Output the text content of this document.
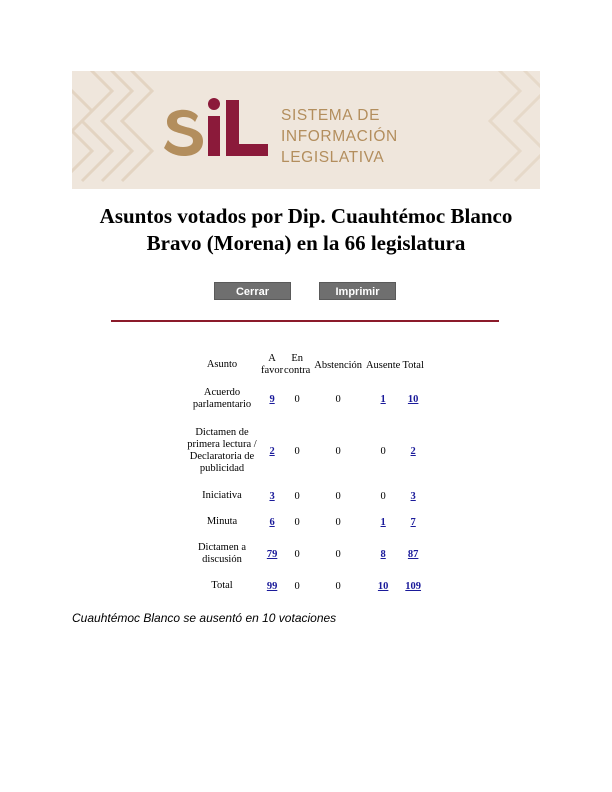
SISTEMA DE
INFORMACIÓN
LEGISLATIVA
Asuntos votados por Dip. Cuauhtémoc Blanco Bravo (Morena) en la 66 legislatura
Cerrar	Imprimir
Asunto	A favor	En contra	Abstención	Ausente	Total
Acuerdo parlamentario	9	0	0	1	10
Dictamen de primera lectura / Declaratoria de publicidad	2	0	0	0	2
Iniciativa	3	0	0	0	3
Minuta	6	0	0	1	7
Dictamen a discusión	79	0	0	8	87
Total	99	0	0	10	109
Cuauhtémoc Blanco se ausentó en 10 votaciones
